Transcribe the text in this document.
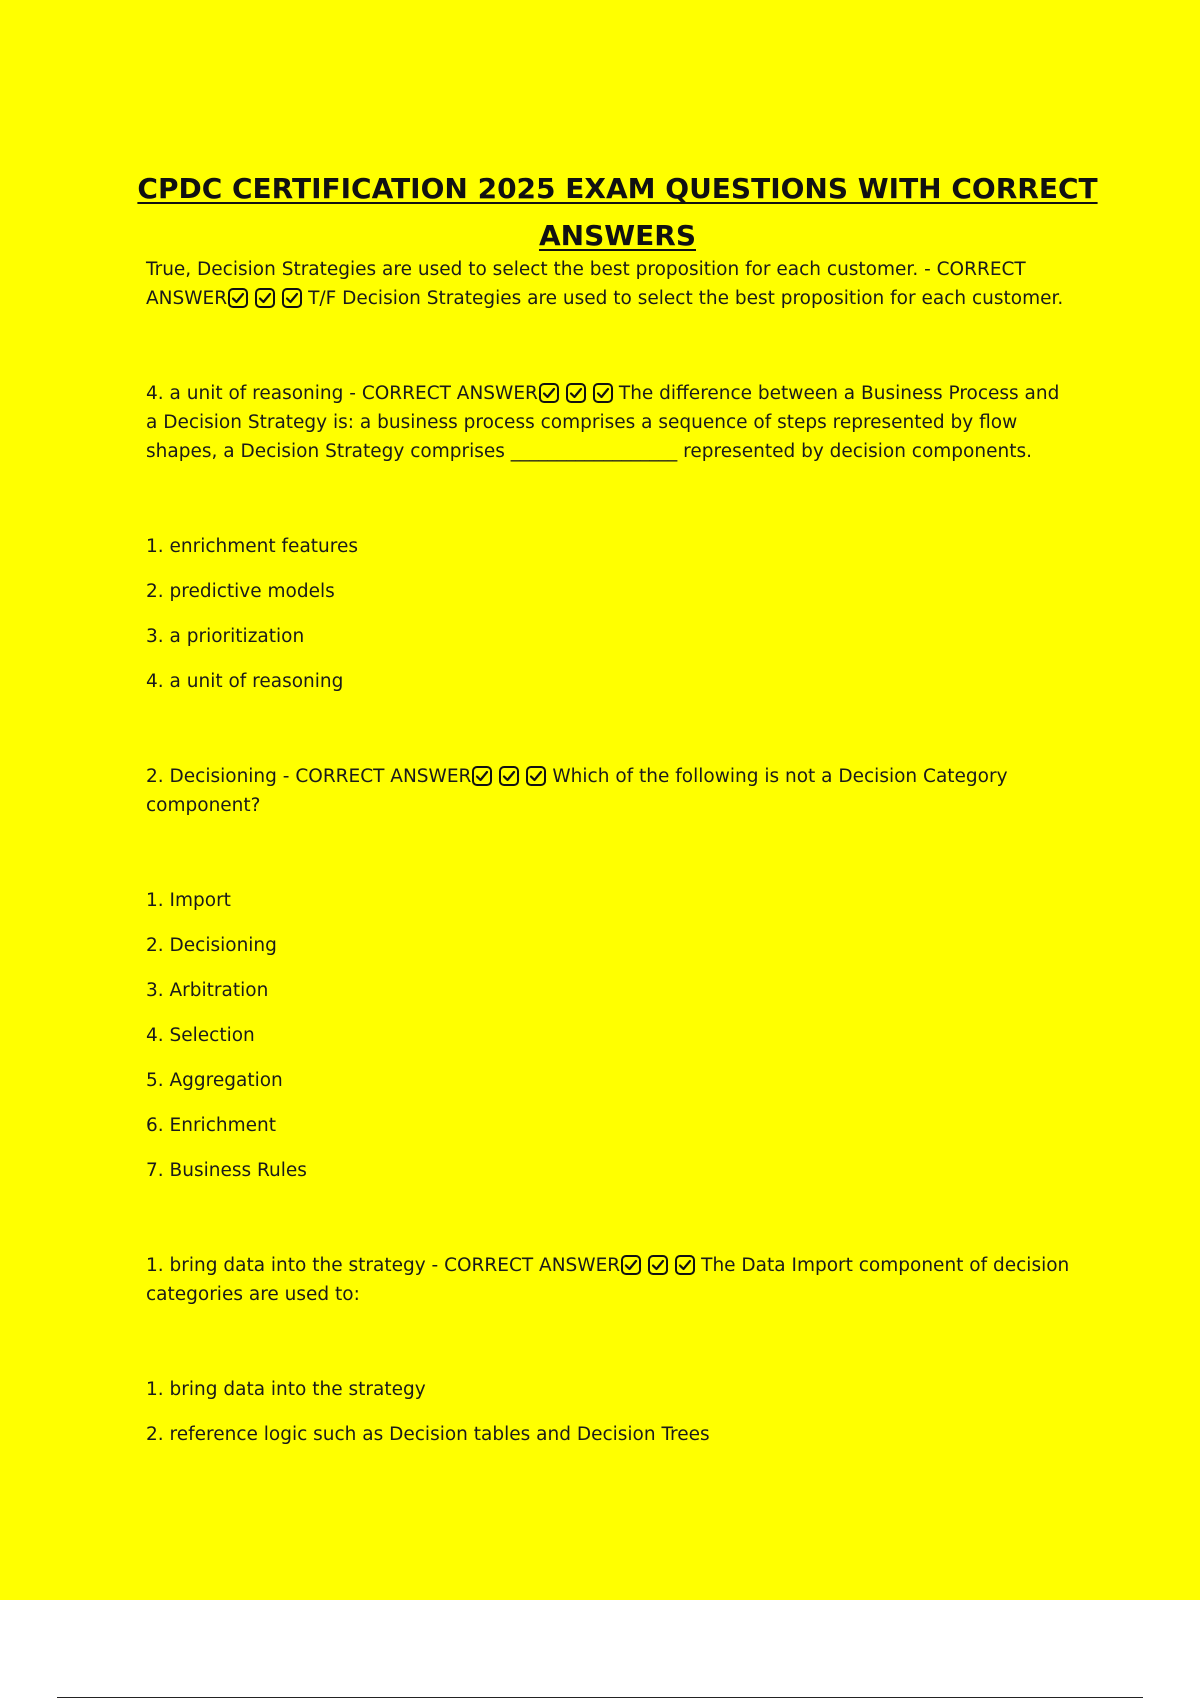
CPDC CERTIFICATION 2025 EXAM QUESTIONS WITH CORRECT ANSWERS

True, Decision Strategies are used to select the best proposition for each customer. - CORRECT ANSWER	T/F Decision Strategies are used to select the best proposition for each customer.

4. a unit of reasoning - CORRECT ANSWER	The difference between a Business Process and a Decision Strategy is: a business process comprises a sequence of steps represented by flow shapes, a Decision Strategy comprises __________________ represented by decision components.

1. enrichment features

2. predictive models

3. a prioritization

4. a unit of reasoning

2. Decisioning - CORRECT ANSWER	Which of the following is not a Decision Category component?

1. Import

2. Decisioning

3. Arbitration

4. Selection

5. Aggregation

6. Enrichment

7. Business Rules

1. bring data into the strategy - CORRECT ANSWER	The Data Import component of decision categories are used to:

1. bring data into the strategy

2. reference logic such as Decision tables and Decision Trees
